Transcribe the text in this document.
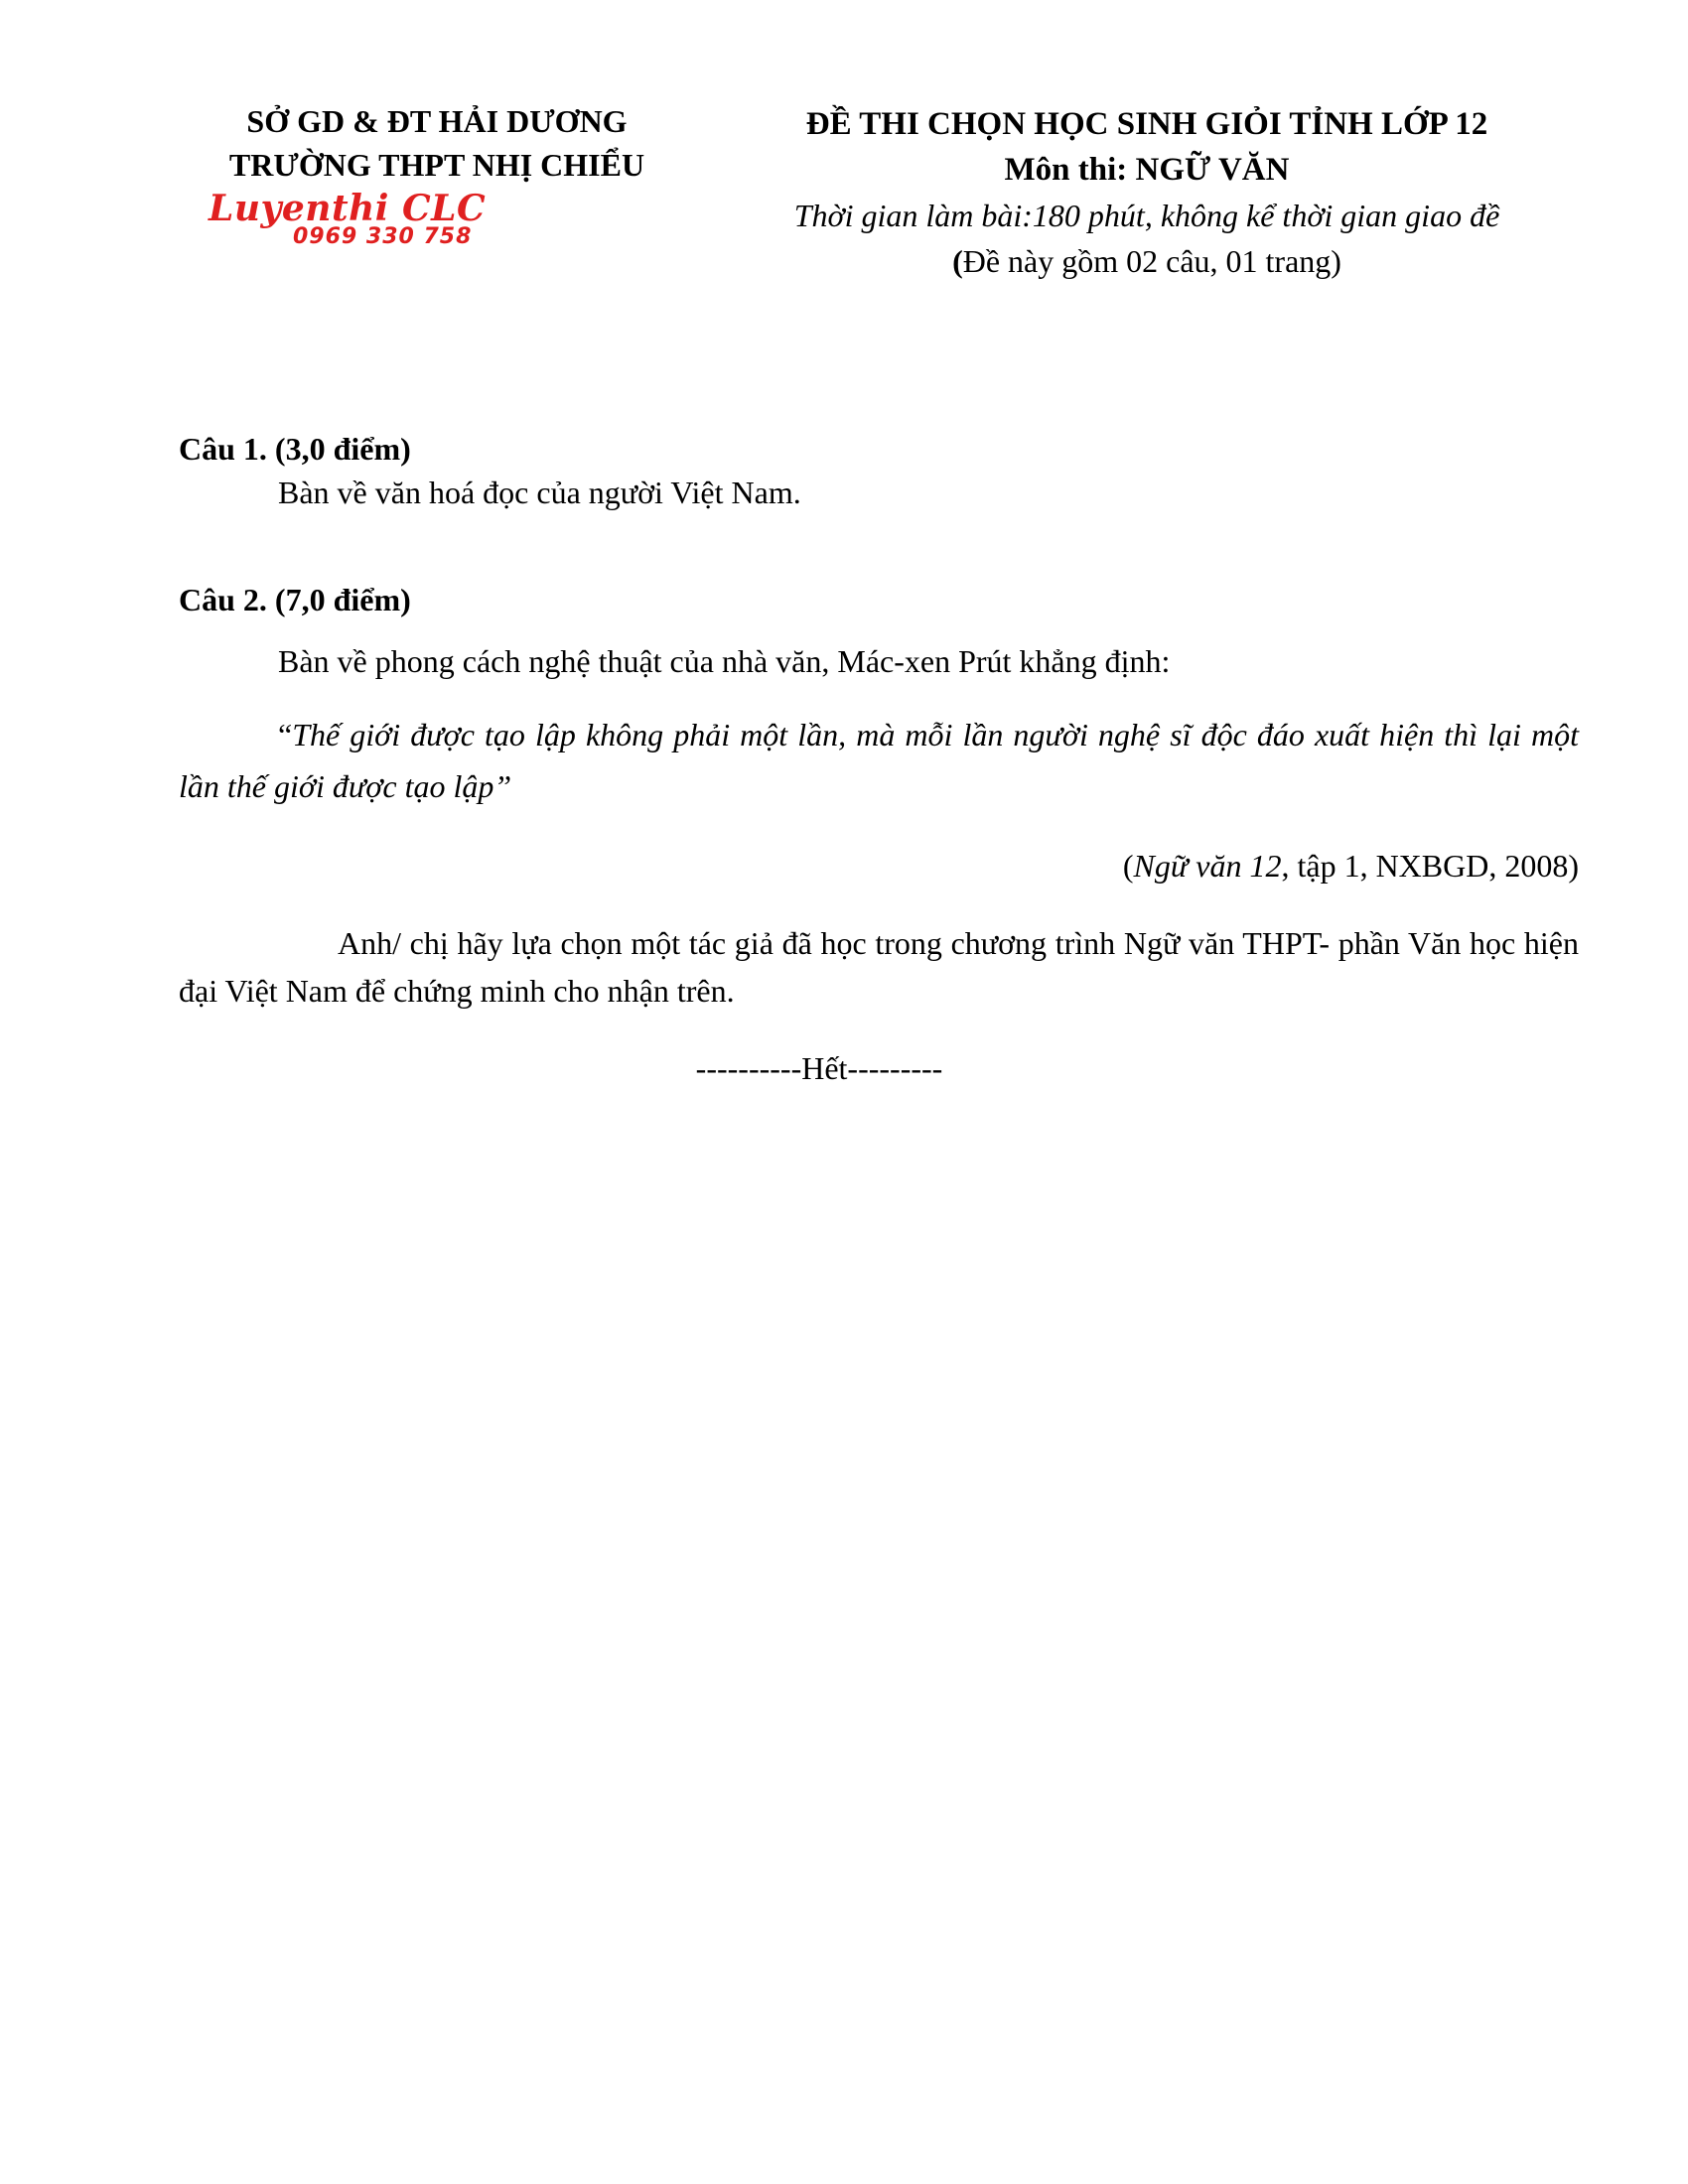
SỞ GD & ĐT HẢI DƯƠNG
TRƯỜNG THPT NHỊ CHIỂU
Luyenthi CLC
0969 330 758
ĐỀ THI CHỌN HỌC SINH GIỎI TỈNH LỚP 12
Môn thi: NGỮ VĂN
Thời gian làm bài:180 phút, không kể thời gian giao đề
(Đề này gồm 02 câu, 01 trang)

Câu 1. (3,0 điểm)

Bàn về văn hoá đọc của người Việt Nam.

Câu 2. (7,0 điểm)

Bàn về phong cách nghệ thuật của nhà văn, Mác-xen Prút khẳng định:

“Thế giới được tạo lập không phải một lần, mà mỗi lần người nghệ sĩ độc đáo xuất hiện thì lại một lần thế giới được tạo lập”

(Ngữ văn 12, tập 1, NXBGD, 2008)

Anh/ chị hãy lựa chọn một tác giả đã học trong chương trình Ngữ văn THPT- phần Văn học hiện đại Việt Nam để chứng minh cho nhận trên.

----------Hết---------
